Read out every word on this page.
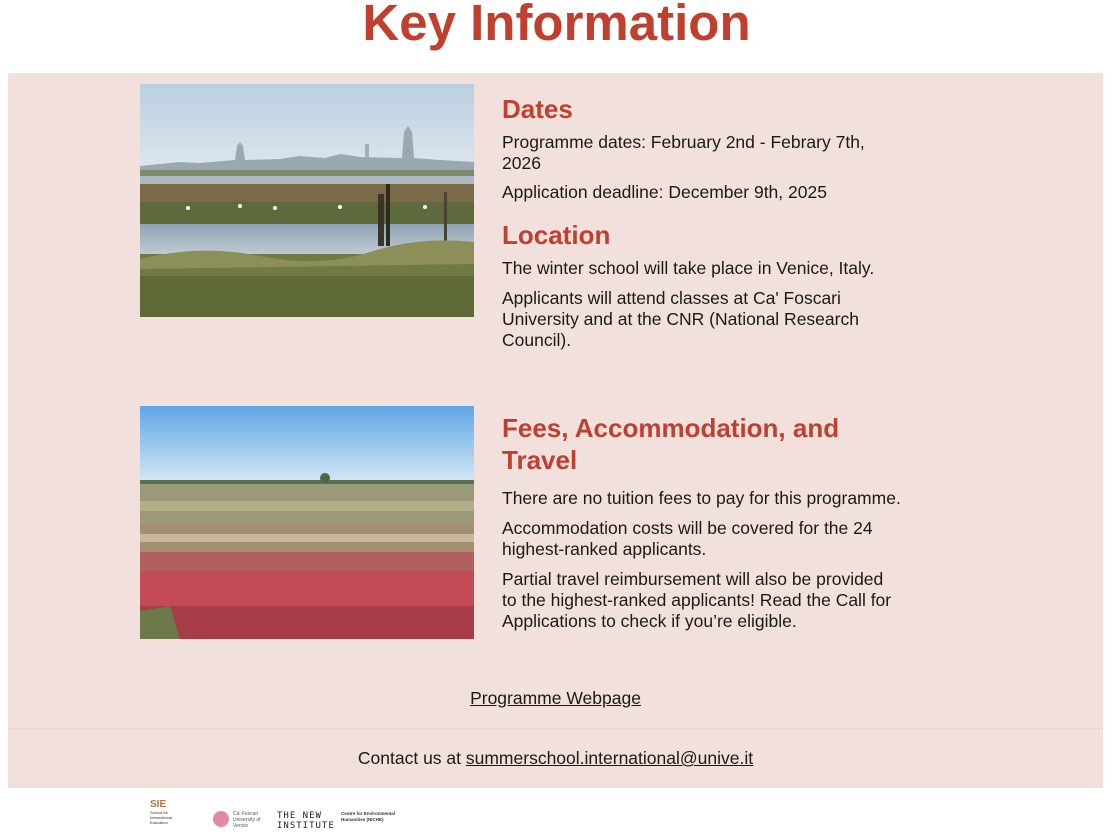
Key Information
Dates

Programme dates: February 2nd - Febrary 7th, 2026

Application deadline: December 9th, 2025

Location

The winter school will take place in Venice, Italy.

Applicants will attend classes at Ca' Foscari University and at the CNR (National Research Council).

Fees, Accommodation, and Travel

There are no tuition fees to pay for this programme.

Accommodation costs will be covered for the 24 highest-ranked applicants.

Partial travel reimbursement will also be provided to the highest-ranked applicants! Read the Call for Applications to check if you’re eligible.

Programme Webpage
Contact us at summerschool.international@unive.it
SIE
School for International Education
Ca' Foscari University of Venice
THE NEW INSTITUTE
Centre for Environmental Humanities (NICHE)
